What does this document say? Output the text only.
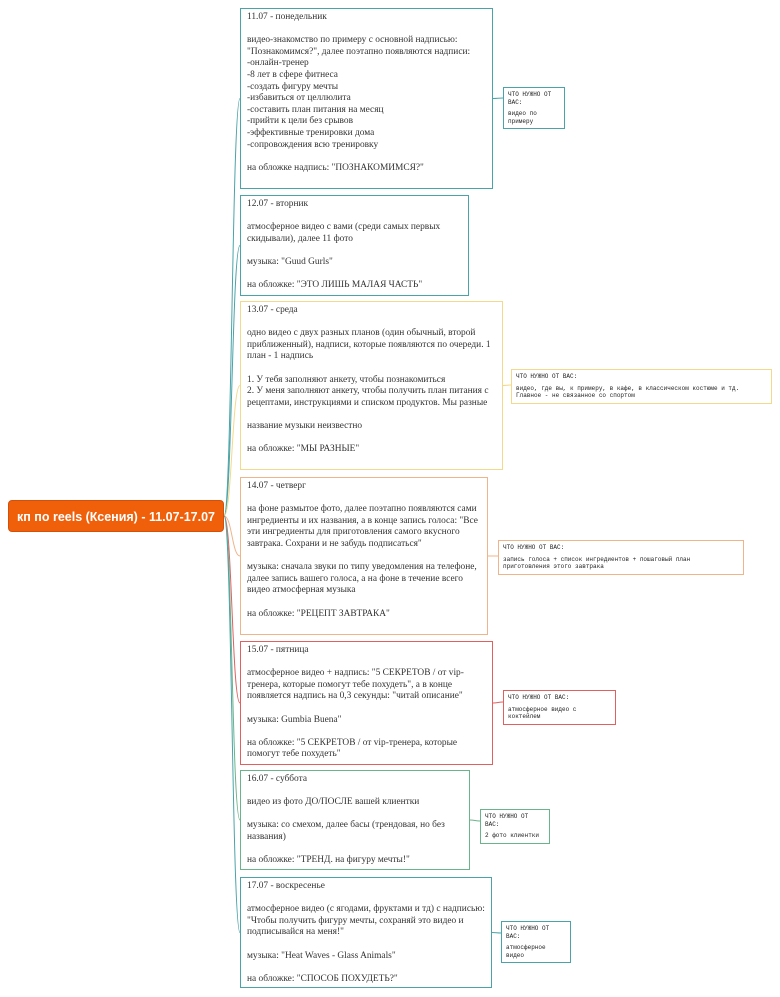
кп по reels (Ксения) - 11.07-17.07

11.07 - понедельник

видео-знакомство по примеру с основной надписью: "Познакомимся?", далее поэтапно появляются надписи:

-онлайн-тренер

-8 лет в сфере фитнеса

-создать фигуру мечты

-избавиться от целлюлита

-составить план питания на месяц

-прийти к цели без срывов

-эффективные тренировки дома

-сопровождения всю тренировку

на обложке надпись: "ПОЗНАКОМИМСЯ?"

ЧТО НУЖНО ОТ ВАС:
видео по примеру

12.07 - вторник

атмосферное видео с вами (среди самых первых скидывали), далее 11 фото

музыка: "Guud Gurls"

на обложке: "ЭТО ЛИШЬ МАЛАЯ ЧАСТЬ"

13.07 - среда

одно видео с двух разных планов (один обычный, второй приближенный), надписи, которые появляются по очереди. 1 план - 1 надпись

1. У тебя заполняют анкету, чтобы познакомиться

2. У меня заполняют анкету, чтобы получить план питания с рецептами, инструкциями и списком продуктов. Мы разные

название музыки неизвестно

на обложке: "МЫ РАЗНЫЕ"

ЧТО НУЖНО ОТ ВАС:
видео, где вы, к примеру, в кафе, в классическом костюме и тд. Главное - не связанное со спортом

14.07 - четверг

на фоне размытое фото, далее поэтапно появляются сами ингредиенты и их названия, а в конце запись голоса: "Все эти ингредиенты для приготовления самого вкусного завтрака. Сохрани и не забудь подписаться"

музыка: сначала звуки по типу уведомления на телефоне, далее запись вашего голоса, а на фоне в течение всего видео атмосферная музыка

на обложке: "РЕЦЕПТ ЗАВТРАКА"

ЧТО НУЖНО ОТ ВАС:
запись голоса + список ингредиентов + пошаговый план приготовления этого завтрака

15.07 - пятница

атмосферное видео + надпись: "5 СЕКРЕТОВ / от vip-тренера, которые помогут тебе похудеть", а в конце появляется надпись на 0,3 секунды: "читай описание"

музыка: Gumbia Buena"

на обложке: "5 СЕКРЕТОВ / от vip-тренера, которые помогут тебе похудеть"

ЧТО НУЖНО ОТ ВАС:
атмосферное видео с коктейлем

16.07 - суббота

видео из фото ДО/ПОСЛЕ вашей клиентки

музыка: со смехом, далее басы (трендовая, но без названия)

на обложке: "ТРЕНД. на фигуру мечты!"

ЧТО НУЖНО ОТ ВАС:
2 фото клиентки

17.07 - воскресенье

атмосферное видео (с ягодами, фруктами и тд) с надписью: "Чтобы получить фигуру мечты, сохраняй это видео и подписывайся на меня!"

музыка: "Heat Waves - Glass Animals"

на обложке: "СПОСОБ ПОХУДЕТЬ?"

ЧТО НУЖНО ОТ ВАС:
атмосферное видео
